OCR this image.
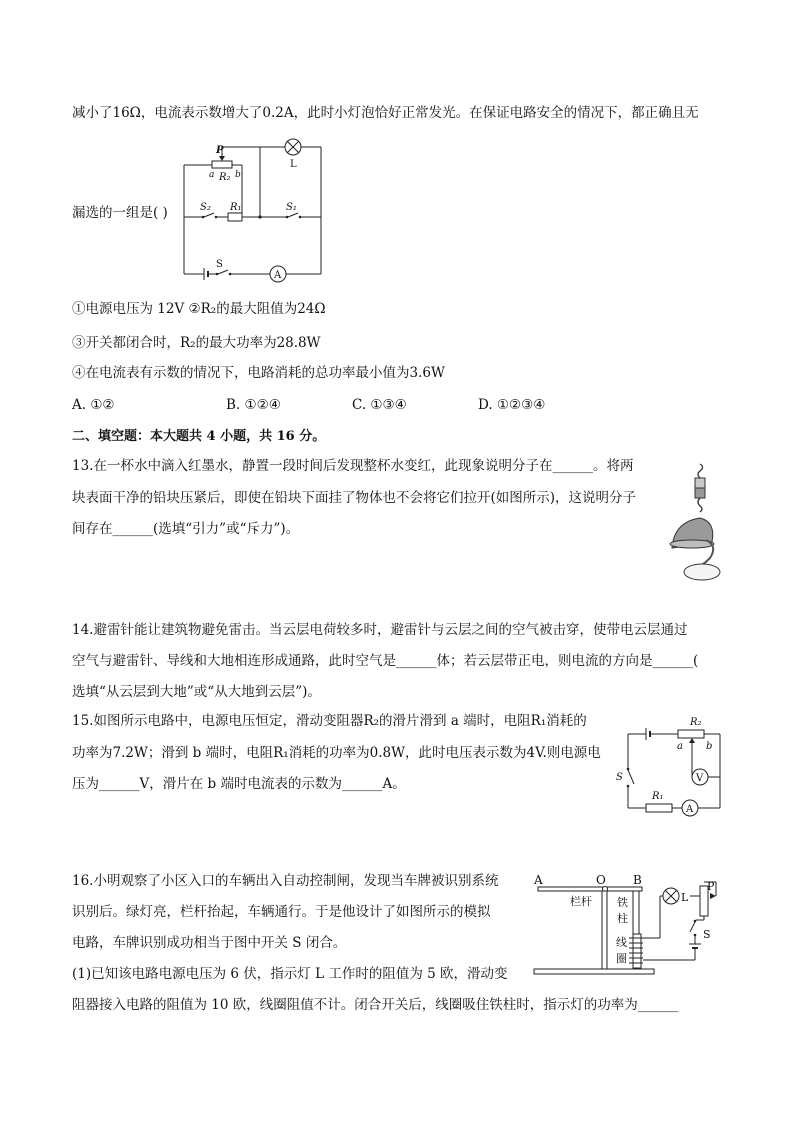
减小了16Ω，电流表示数增大了0.2A，此时小灯泡恰好正常发光。在保证电路安全的情况下，都正确且无
L
P
a R₂ b
S₂ R₁	S₁
S
A
漏选的一组是( )
①电源电压为 12V ②R₂的最大阻值为24Ω
③开关都闭合时，R₂的最大功率为28.8W
④在电流表有示数的情况下，电路消耗的总功率最小值为3.6W
A. ①②	B. ①②④	C. ①③④	D. ①②③④
二、填空题：本大题共 4 小题，共 16 分。
13.在一杯水中滴入红墨水，静置一段时间后发现整杯水变红，此现象说明分子在______。将两
块表面干净的铅块压紧后，即使在铅块下面挂了物体也不会将它们拉开(如图所示)，这说明分子
间存在______(选填“引力”或“斥力”)。
14.避雷针能让建筑物避免雷击。当云层电荷较多时，避雷针与云层之间的空气被击穿，使带电云层通过
空气与避雷针、导线和大地相连形成通路，此时空气是______体；若云层带正电，则电流的方向是______(
选填“从云层到大地”或“从大地到云层”)。
15.如图所示电路中，电源电压恒定，滑动变阻器R₂的滑片滑到 a 端时，电阻R₁消耗的
功率为7.2W；滑到 b 端时，电阻R₁消耗的功率为0.8W，此时电压表示数为4V.则电源电
压为______V，滑片在 b 端时电流表的示数为______A。
R₂
a b
V
S
R₁
A
16.小明观察了小区入口的车辆出入自动控制闸，发现当车牌被识别系统
识别后。绿灯亮，栏杆抬起，车辆通行。于是他设计了如图所示的模拟
电路，车牌识别成功相当于图中开关 S 闭合。
(1)已知该电路电源电压为 6 伏，指示灯 L 工作时的阻值为 5 欧，滑动变
阻器接入电路的阻值为 10 欧，线圈阻值不计。闭合开关后，线圈吸住铁柱时，指示灯的功率为______
A	O B
栏杆 铁
柱
线
圈
L
P
S
